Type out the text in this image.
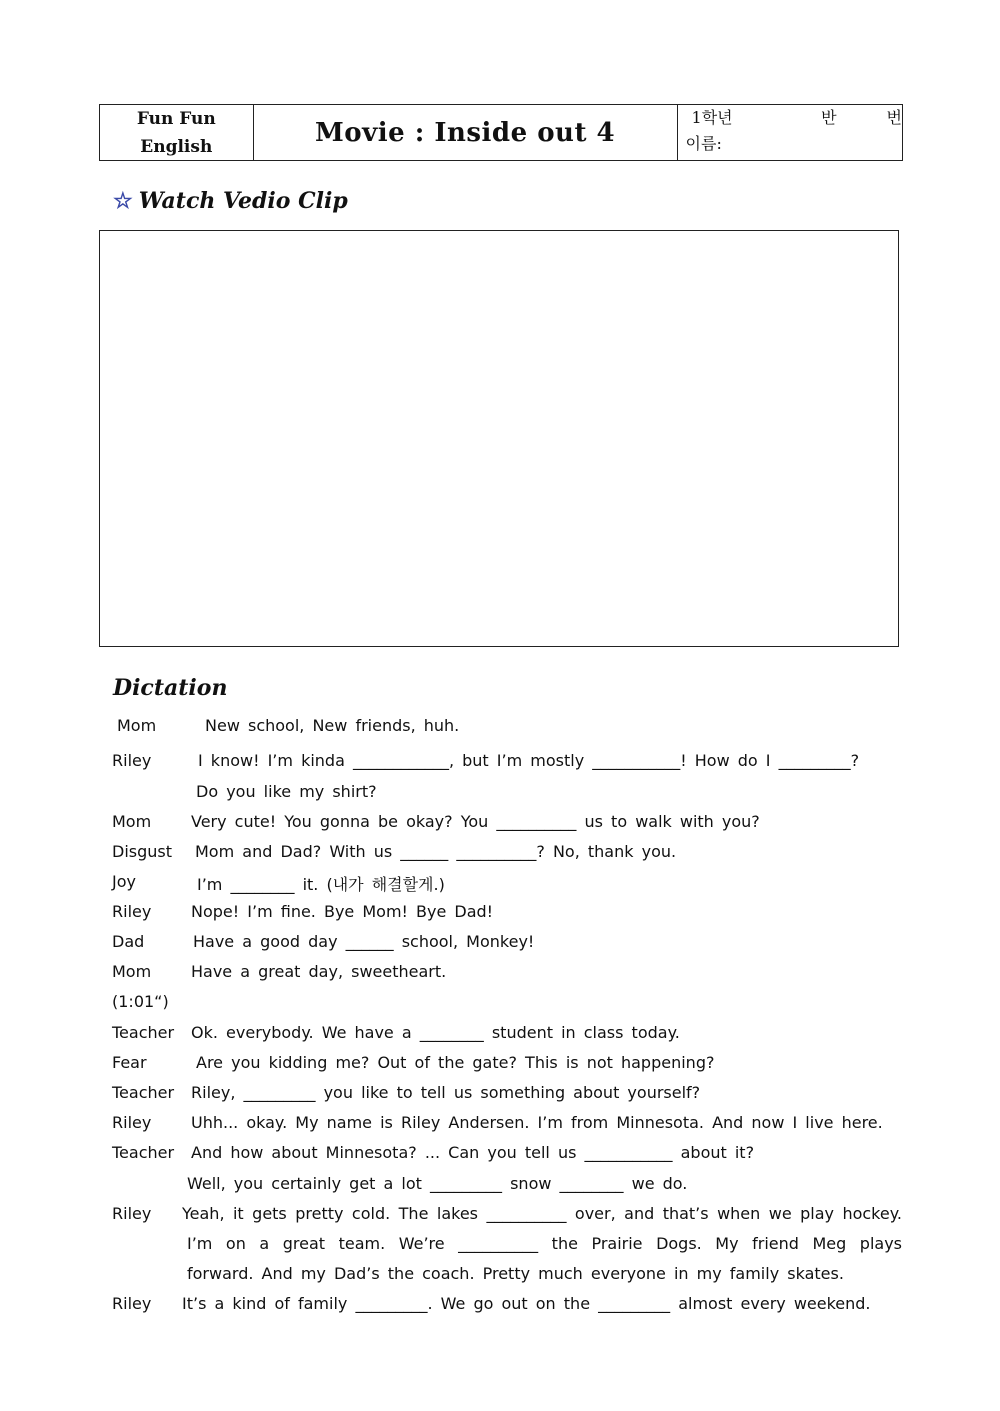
Fun Fun
English	Movie : Inside out 4	1학년	반	번
이름:
☆ Watch Vedio Clip
Dictation
Mom	New school, New friends, huh.
Riley	I know! I’m kinda ____________, but I’m mostly ___________! How do I _________?
Do you like my shirt?
Mom Very cute! You gonna be okay? You __________ us to walk with you?
Disgust Mom and Dad? With us ______ __________? No, thank you.
Joy	I’m ________ it. (내가 해결할게.)
Riley Nope! I’m fine. Bye Mom! Bye Dad!
Dad	Have a good day ______ school, Monkey!
Mom Have a great day, sweetheart.
(1:01“)
Teacher Ok. everybody. We have a ________ student in class today.
Fear	Are you kidding me? Out of the gate? This is not happening?
Teacher Riley, _________ you like to tell us something about yourself?
Riley Uhh... okay. My name is Riley Andersen. I’m from Minnesota. And now I live here.
Teacher And how about Minnesota? ... Can you tell us ___________ about it?
Well, you certainly get a lot _________ snow ________ we do.
Riley Yeah, it gets pretty cold. The lakes __________ over, and that’s when we play hockey.
I’m on a great team. We’re __________ the Prairie Dogs. My friend Meg plays
forward. And my Dad’s the coach. Pretty much everyone in my family skates.
Riley It’s a kind of family _________. We go out on the _________ almost every weekend.
